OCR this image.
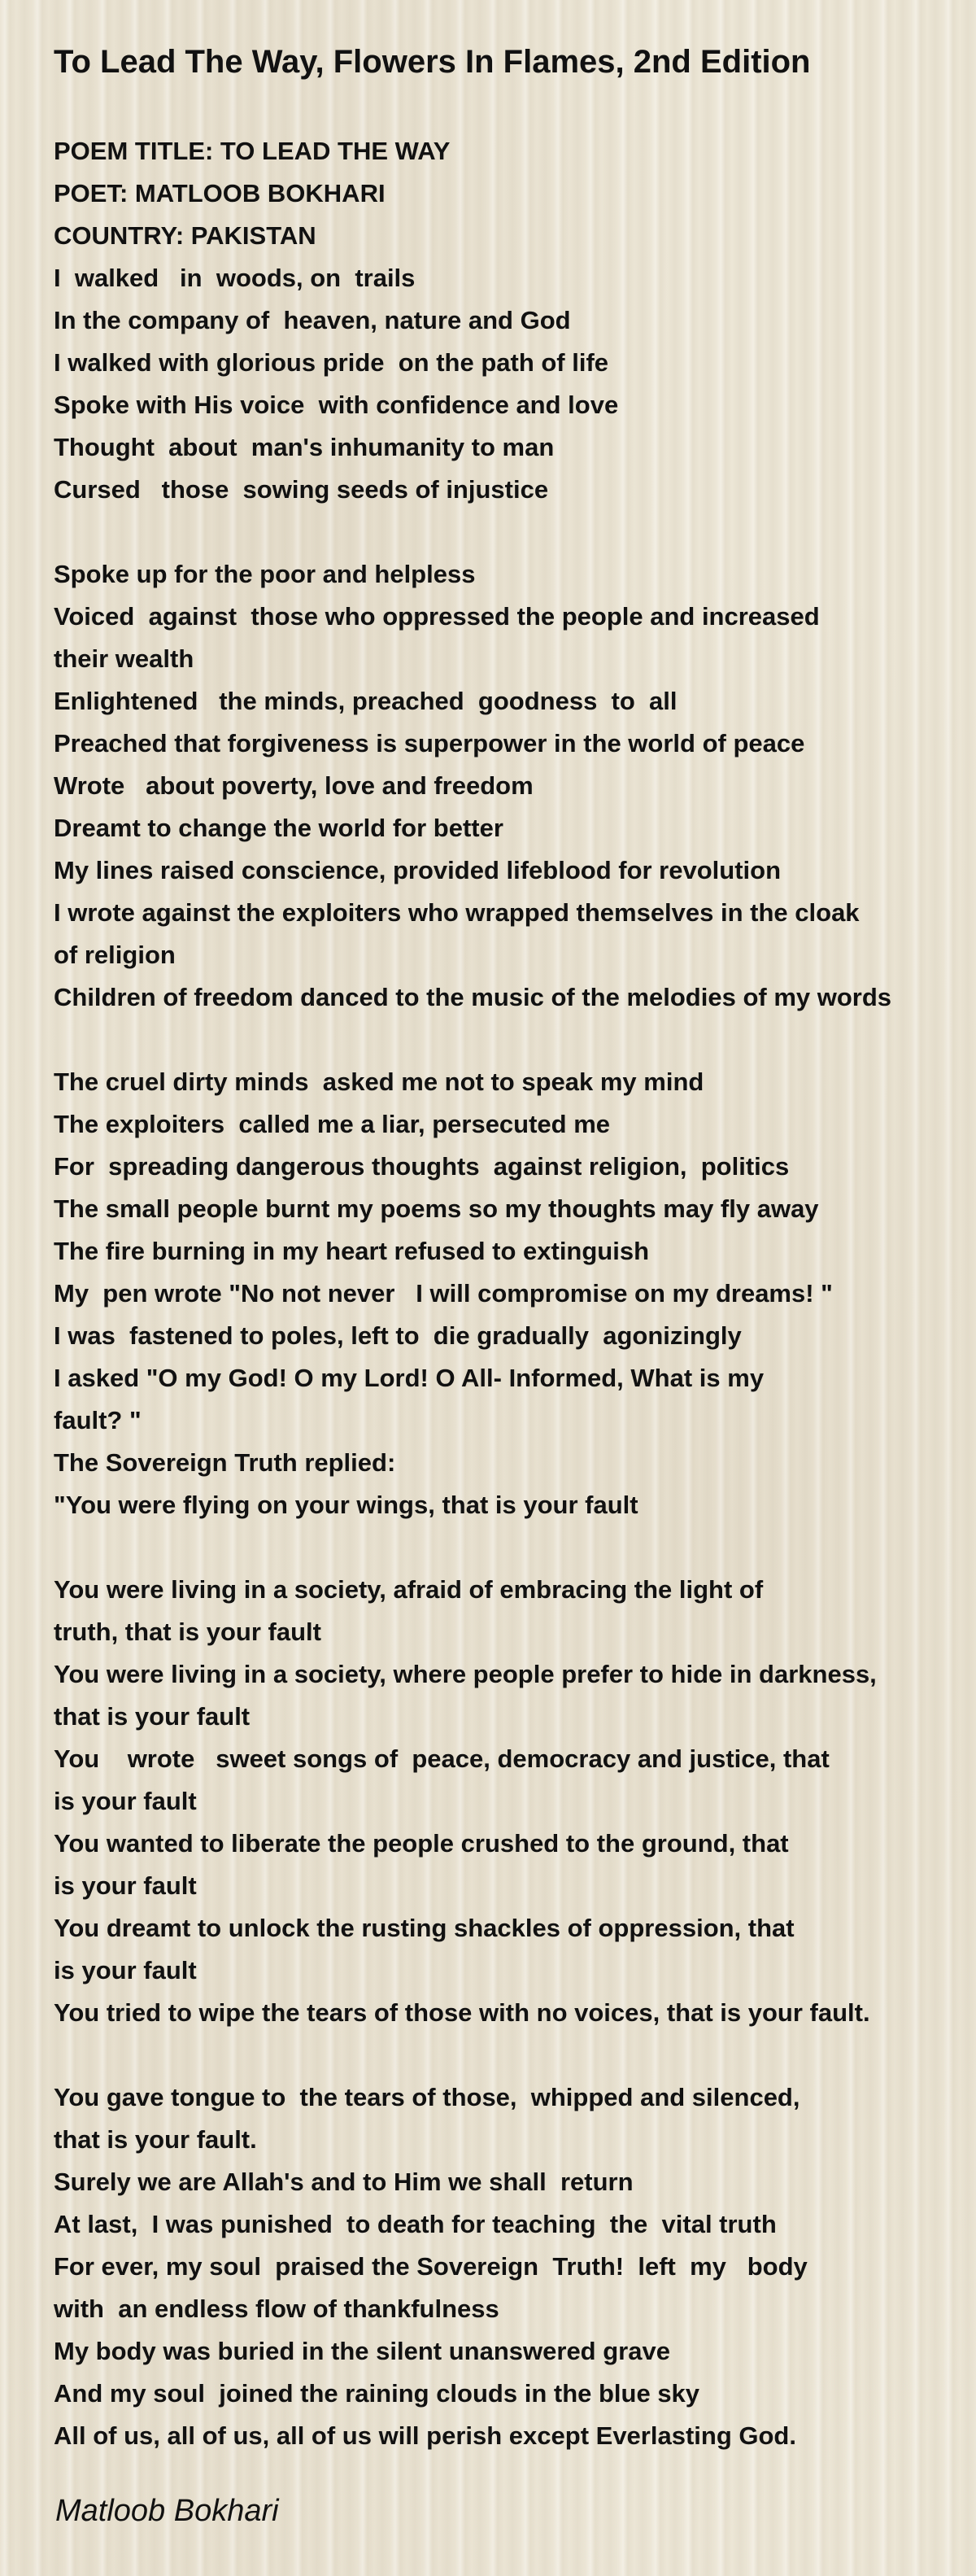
To Lead The Way, Flowers In Flames, 2nd Edition
POEM TITLE: TO LEAD THE WAY
POET: MATLOOB BOKHARI
COUNTRY: PAKISTAN
I  walked   in  woods, on  trails
In the company of  heaven, nature and God
I walked with glorious pride  on the path of life
Spoke with His voice  with confidence and love
Thought  about  man's inhumanity to man
Cursed   those  sowing seeds of injustice
Spoke up for the poor and helpless
Voiced  against  those who oppressed the people and increased
their wealth
Enlightened   the minds, preached  goodness  to  all
Preached that forgiveness is superpower in the world of peace
Wrote   about poverty, love and freedom
Dreamt to change the world for better
My lines raised conscience, provided lifeblood for revolution
I wrote against the exploiters who wrapped themselves in the cloak
of religion
Children of freedom danced to the music of the melodies of my words
The cruel dirty minds  asked me not to speak my mind
The exploiters  called me a liar, persecuted me
For  spreading dangerous thoughts  against religion,  politics
The small people burnt my poems so my thoughts may fly away
The fire burning in my heart refused to extinguish
My  pen wrote "No not never   I will compromise on my dreams! "
I was  fastened to poles, left to  die gradually  agonizingly
I asked "O my God! O my Lord! O All- Informed, What is my
fault? "
The Sovereign Truth replied:
"You were flying on your wings, that is your fault
You were living in a society, afraid of embracing the light of
truth, that is your fault
You were living in a society, where people prefer to hide in darkness,
that is your fault
You    wrote   sweet songs of  peace, democracy and justice, that
is your fault
You wanted to liberate the people crushed to the ground, that
is your fault
You dreamt to unlock the rusting shackles of oppression, that
is your fault
You tried to wipe the tears of those with no voices, that is your fault.
You gave tongue to  the tears of those,  whipped and silenced,
that is your fault.
Surely we are Allah's and to Him we shall  return
At last,  I was punished  to death for teaching  the  vital truth
For ever, my soul  praised the Sovereign  Truth!  left  my   body
with  an endless flow of thankfulness
My body was buried in the silent unanswered grave
And my soul  joined the raining clouds in the blue sky
All of us, all of us, all of us will perish except Everlasting God.
Matloob Bokhari
